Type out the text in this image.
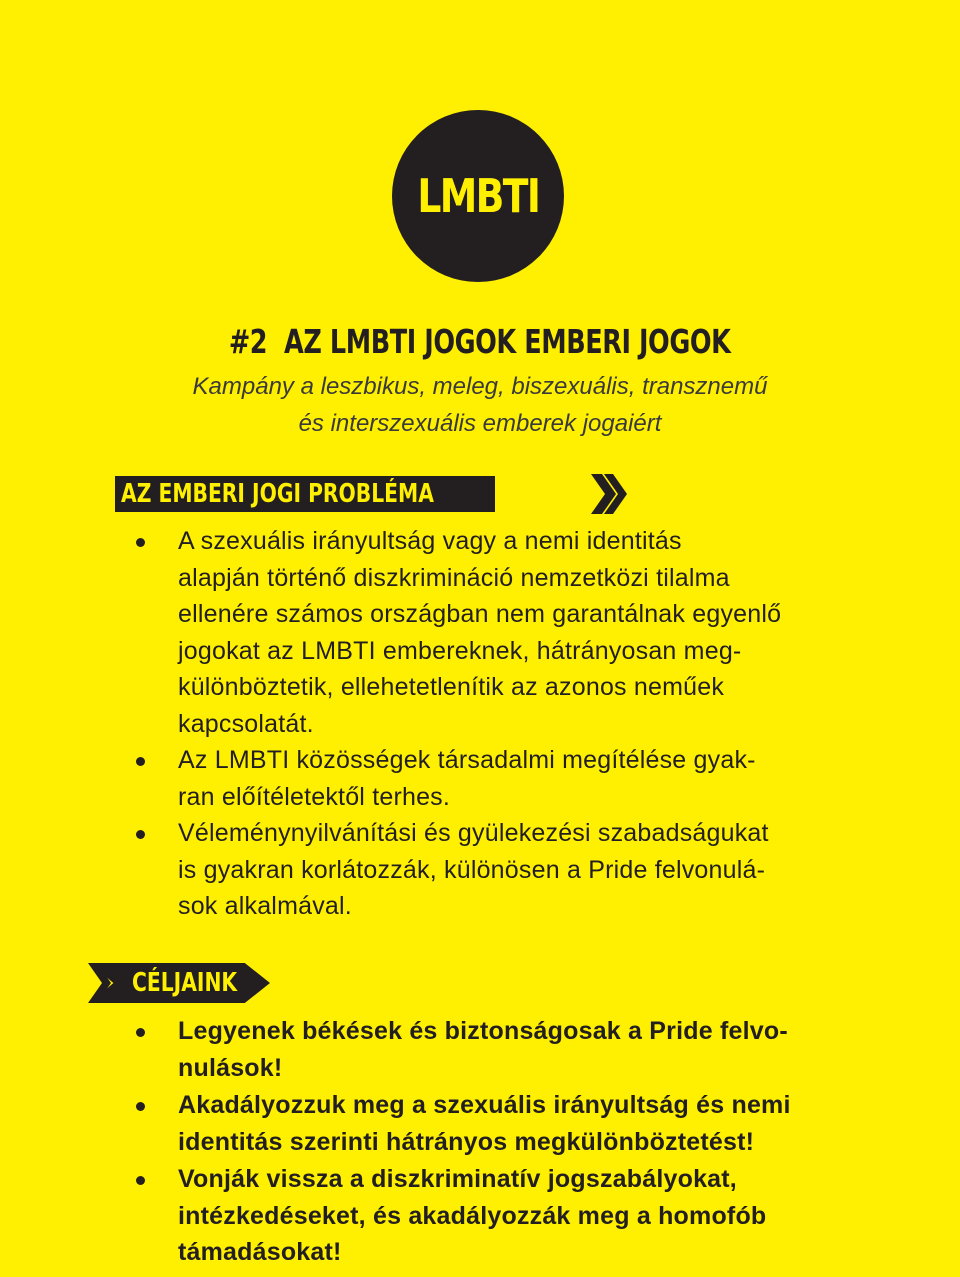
LMBTI
#2  AZ LMBTI JOGOK EMBERI JOGOK
Kampány a leszbikus, meleg, biszexuális, transznemű
és interszexuális emberek jogaiért
AZ EMBERI JOGI PROBLÉMA
A szexuális irányultság vagy a nemi identitás
alapján történő diszkrimináció nemzetközi tilalma
ellenére számos országban nem garantálnak egyenlő
jogokat az LMBTI embereknek, hátrányosan meg-
különböztetik, ellehetetlenítik az azonos neműek
kapcsolatát.
Az LMBTI közösségek társadalmi megítélése gyak-
ran előítéletektől terhes.
Véleménynyilvánítási és gyülekezési szabadságukat
is gyakran korlátozzák, különösen a Pride felvonulá-
sok alkalmával.
CÉLJAINK
Legyenek békések és biztonságosak a Pride felvo-
nulások!
Akadályozzuk meg a szexuális irányultság és nemi
identitás szerinti hátrányos megkülönböztetést!
Vonják vissza a diszkriminatív jogszabályokat,
intézkedéseket, és akadályozzák meg a homofób
támadásokat!
